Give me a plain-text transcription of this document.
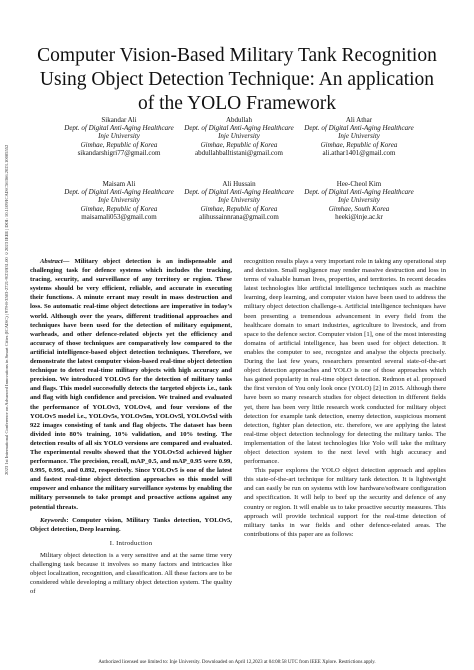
2023 1st International Conference on Advanced Innovations in Smart Cities (ICAISC) | 979-8-3503-2721-9/23/$31.00 ©2023 IEEE | DOI: 10.1109/ICAISC56366.2023.10085552
Computer Vision-Based Military Tank Recognition Using Object Detection Technique: An application of the YOLO Framework
Sikandar Ali
Dept. of Digital Anti-Aging Healthcare
Inje University
Gimhae, Republic of Korea
sikandarshigri77@gmail.com
Abdullah
Dept. of Digital Anti-Aging Healthcare
Inje University
Gimhae, Republic of Korea
abdullahballtistani@gmail.com
Ali Athar
Dept. of Digital Anti-Aging Healthcare
Inje University
Gimhae, Republic of Korea
ali.athar1401@gmail.com
Maisam Ali
Dept. of Digital Anti-Aging Healthcare
Inje University
Gimhae, Republic of Korea
maisamali053@gmail.com
Ali Hussain
Dept. of Digital Anti-Aging Healthcare
Inje University
Gimhae, Republic of Korea
alihussainnrana@gmail.com
Hee-Cheol Kim
Dept. of Digital Anti-Aging Healthcare
Inje University
Gimhae, South Korea
heeki@inje.ac.kr

Abstract— Military object detection is an indispensable and challenging task for defence systems which includes the tracking, tracing, security, and surveillance of any territory or region. These systems should be very efficient, reliable, and accurate in executing their functions. A minute errant may result in mass destruction and loss. So automatic real-time object detections are imperative in today’s world. Although over the years, different traditional approaches and techniques have been used for the detection of military equipment, warheads, and other defence-related objects yet the efficiency and accuracy of those techniques are comparatively low compared to the artificial intelligence-based object detection techniques. Therefore, we demonstrate the latest computer vision-based real-time object detection technique to detect real-time military objects with high accuracy and precision. We introduced YOLOv5 for the detection of military tanks and flags. This model successfully detects the targeted objects i.e., tank and flag with high confidence and precision. We trained and evaluated the performance of YOLOv3, YOLOv4, and four versions of the YOLOv5 model i.e., YOLOv5s, YOLOv5m, YOLOv5l, YOLOv5xl with 922 images consisting of tank and flag objects. The dataset has been divided into 80% training, 10% validation, and 10% testing. The detection results of all six YOLO versions are compared and evaluated. The experimental results showed that the YOLOv5xl achieved higher performance. The precision, recall, mAP_0.5, and mAP_0.95 were 0.99, 0.995, 0.995, and 0.892, respectively. Since YOLOv5 is one of the latest and fastest real-time object detection approaches so this model will empower and enhance the military surveillance systems by enabling the military personnels to take prompt and proactive actions against any potential threats.

Keywords: Computer vision, Military Tanks detection, YOLOv5, Object detection, Deep learning.

I. Introduction

Military object detection is a very sensitive and at the same time very challenging task because it involves so many factors and intricacies like object localization, recognition, and classification. All these factors are to be considered while developing a military object detection system. The quality of

recognition results plays a very important role in taking any operational step and decision. Small negligence may render massive destruction and loss in terms of valuable human lives, properties, and territories. In recent decades latest technologies like artificial intelligence techniques such as machine learning, deep learning, and computer vision have been used to address the military object detection challenge-s. Artificial intelligence techniques have been presenting a tremendous advancement in every field from the healthcare domain to smart industries, agriculture to livestock, and from space to the defence sector. Computer vision [1], one of the most interesting domains of artificial intelligence, has been used for object detection. It enables the computer to see, recognize and analyse the objects precisely. During the last few years, researchers presented several state-of-the-art object detection approaches and YOLO is one of those approaches which has gained popularity in real-time object detection. Redmon et al. proposed the first version of You only look once (YOLO) [2] in 2015. Although there have been so many research studies for object detection in different fields yet, there has been very little research work conducted for military object detection for example tank detection, enemy detection, suspicious moment detection, fighter plan detection, etc. therefore, we are applying the latest real-time object detection technology for detecting the military tanks. The implementation of the latest technologies like Yolo will take the military object detection system to the next level with high accuracy and performance.

This paper explores the YOLO object detection approach and applies this state-of-the-art technique for military tank detection. It is lightweight and can easily be run on systems with low hardware/software configuration and specification. It will help to beef up the security and defence of any country or region. It will enable us to take proactive security measures. This approach will provide technical support for the real-time detection of military tanks in war fields and other defence-related areas. The contributions of this paper are as follows:

Authorized licensed use limited to: Inje University. Downloaded on April 12,2023 at 04:08:58 UTC from IEEE Xplore. Restrictions apply.
